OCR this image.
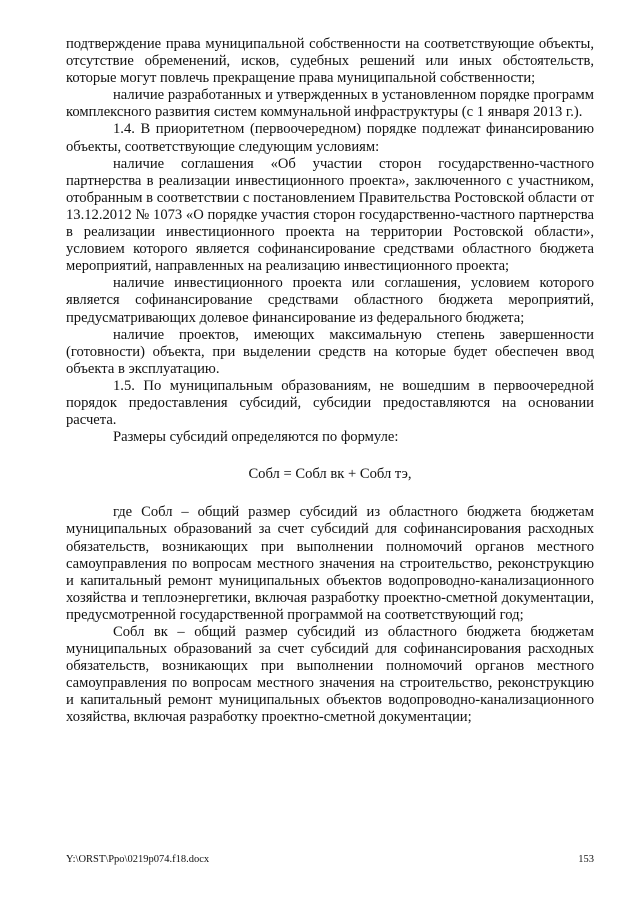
подтверждение права муниципальной собственности на соответствующие объекты, отсутствие обременений, исков, судебных решений или иных обстоятельств, которые могут повлечь прекращение права муниципальной собственности;

наличие разработанных и утвержденных в установленном порядке программ комплексного развития систем коммунальной инфраструктуры (с 1 января 2013 г.).

1.4. В приоритетном (первоочередном) порядке подлежат финансированию объекты, соответствующие следующим условиям:

наличие соглашения «Об участии сторон государственно-частного партнерства в реализации инвестиционного проекта», заключенного с участником, отобранным в соответствии с постановлением Правительства Ростовской области от 13.12.2012 № 1073 «О порядке участия сторон государственно-частного партнерства в реализации инвестиционного проекта на территории Ростовской области», условием которого является софинансирование средствами областного бюджета мероприятий, направленных на реализацию инвестиционного проекта;

наличие инвестиционного проекта или соглашения, условием которого является софинансирование средствами областного бюджета мероприятий, предусматривающих долевое финансирование из федерального бюджета;

наличие проектов, имеющих максимальную степень завершенности (готовности) объекта, при выделении средств на которые будет обеспечен ввод объекта в эксплуатацию.

1.5. По муниципальным образованиям, не вошедшим в первоочередной порядок предоставления субсидий, субсидии предоставляются на основании расчета.

Размеры субсидий определяются по формуле:

Собл = Собл вк + Собл тэ,

где Собл – общий размер субсидий из областного бюджета бюджетам муниципальных образований за счет субсидий для софинансирования расходных обязательств, возникающих при выполнении полномочий органов местного самоуправления по вопросам местного значения на строительство, реконструкцию и капитальный ремонт муниципальных объектов водопроводно-канализационного хозяйства и теплоэнергетики, включая разработку проектно-сметной документации, предусмотренной государственной программой на соответствующий год;

Собл вк – общий размер субсидий из областного бюджета бюджетам муниципальных образований за счет субсидий для софинансирования расходных обязательств, возникающих при выполнении полномочий органов местного самоуправления по вопросам местного значения на строительство, реконструкцию и капитальный ремонт муниципальных объектов водопроводно-канализационного хозяйства, включая разработку проектно-сметной документации;

Y:\ORST\Ppo\0219p074.f18.docx	153
